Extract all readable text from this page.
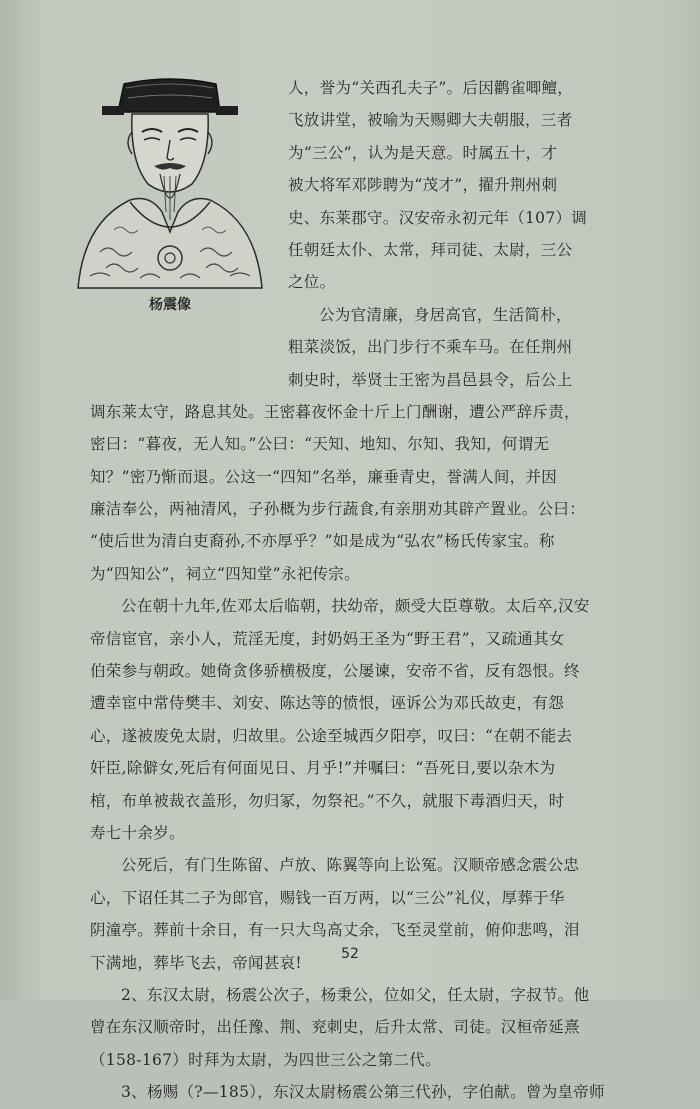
杨震像
人，誉为“关西孔夫子”。后因鹳雀唧鳣，
飞放讲堂，被喻为天赐卿大夫朝服，三者
为“三公”，认为是天意。时属五十，才
被大将军邓陟聘为“茂才”，擢升荆州刺
史、东莱郡守。汉安帝永初元年（107）调
任朝廷太仆、太常，拜司徒、太尉，三公
之位。
公为官清廉，身居高官，生活简朴，
粗菜淡饭，出门步行不乘车马。在任荆州
刺史时，举贤士王密为昌邑县令，后公上
调东莱太守，路息其处。王密暮夜怀金十斤上门酬谢，遭公严辞斥责，
密曰：“暮夜，无人知。”公曰：“天知、地知、尔知、我知，何谓无
知？”密乃惭而退。公这一“四知”名举，廉垂青史，誉满人间，并因
廉洁奉公，两袖清风，子孙概为步行蔬食,有亲朋劝其辟产置业。公曰：
“使后世为清白吏裔孙,不亦厚乎？”如是成为“弘农”杨氏传家宝。称
为“四知公”，祠立“四知堂”永祀传宗。
公在朝十九年,佐邓太后临朝，扶幼帝，颇受大臣尊敬。太后卒,汉安
帝信宦官，亲小人，荒淫无度，封奶妈王圣为“野王君”，又疏通其女
伯荣参与朝政。她倚贪侈骄横极度，公屡谏，安帝不省，反有怨恨。终
遭幸宦中常侍樊丰、刘安、陈达等的愤恨，诬诉公为邓氏故吏，有怨
心，遂被废免太尉，归故里。公途至城西夕阳亭，叹曰：“在朝不能去
奸臣,除僻女,死后有何面见日、月乎!”并嘱曰：“吾死日,要以杂木为
棺，布单被裁衣盖形，勿归冢，勿祭祀。”不久，就服下毒酒归天，时
寿七十余岁。
公死后，有门生陈留、卢放、陈翼等向上讼冤。汉顺帝感念震公忠
心，下诏任其二子为郎官，赐钱一百万两，以“三公”礼仪，厚葬于华
阴潼亭。葬前十余日，有一只大鸟高丈余，飞至灵堂前，俯仰悲鸣，泪
下满地，葬毕飞去，帝闻甚哀!
2、东汉太尉，杨震公次子，杨秉公，位如父，任太尉，字叔节。他
曾在东汉顺帝时，出任豫、荆、兖刺史，后升太常、司徒。汉桓帝延熹
（158-167）时拜为太尉，为四世三公之第二代。
3、杨赐（?—185），东汉太尉杨震公第三代孙，字伯献。曾为皇帝师
52
